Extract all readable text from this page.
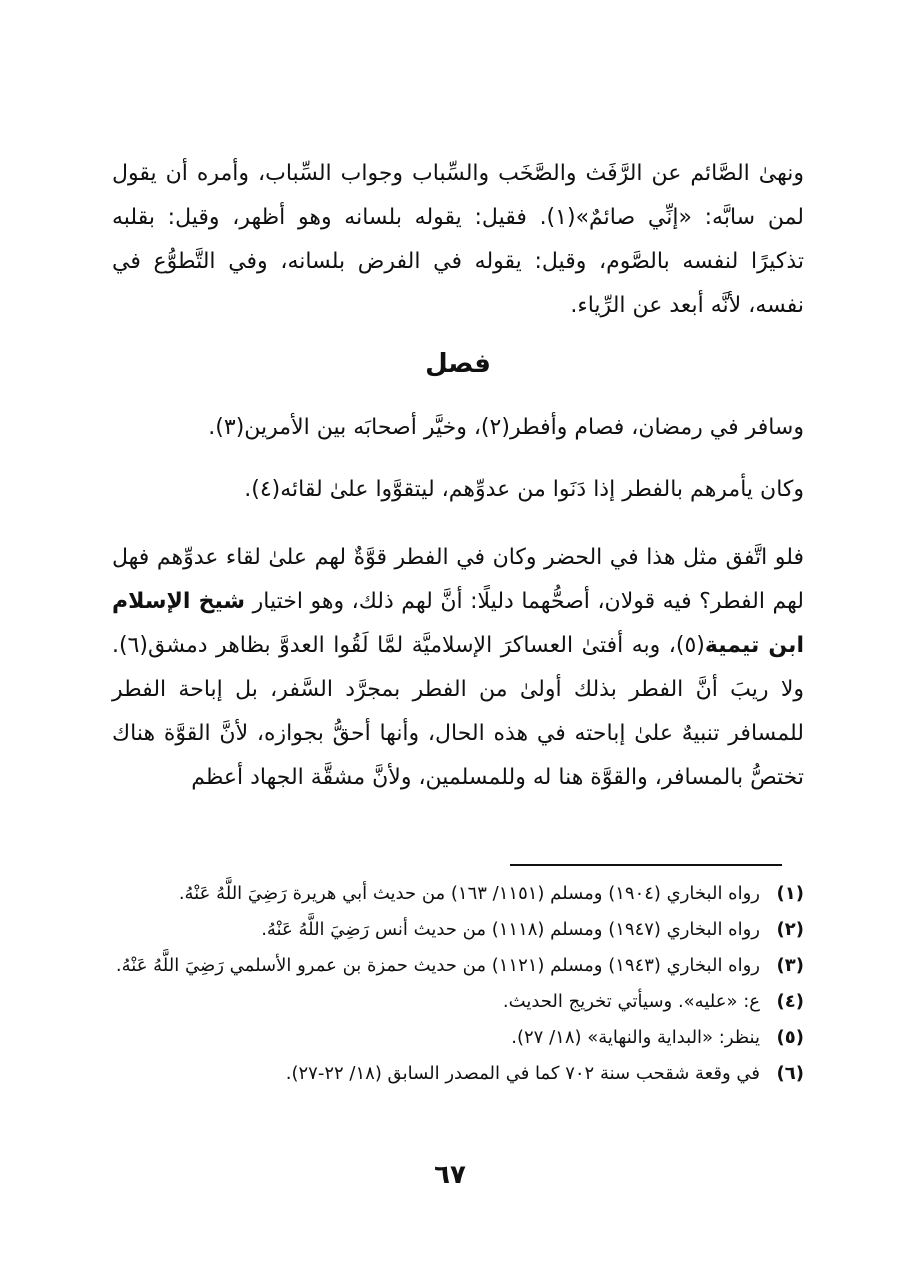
ونهىٰ الصَّائم عن الرَّفَث والصَّخَب والسِّباب وجواب السِّباب، وأمره أن يقول لمن سابَّه: «إنِّي صائمٌ»(١). فقيل: يقوله بلسانه وهو أظهر، وقيل: بقلبه تذكيرًا لنفسه بالصَّوم، وقيل: يقوله في الفرض بلسانه، وفي التَّطوُّع في نفسه، لأنَّه أبعد عن الرِّياء.

فصل

وسافر في رمضان، فصام وأفطر(٢)، وخيَّر أصحابَه بين الأمرين(٣).

وكان يأمرهم بالفطر إذا دَنَوا من عدوِّهم، ليتقوَّوا علىٰ لقائه(٤).

فلو اتَّفق مثل هذا في الحضر وكان في الفطر قوَّةٌ لهم علىٰ لقاء عدوِّهم فهل لهم الفطر؟ فيه قولان، أصحُّهما دليلًا: أنَّ لهم ذلك، وهو اختيار شيخ الإسلام ابن تيمية(٥)، وبه أفتىٰ العساكرَ الإسلاميَّة لمَّا لَقُوا العدوَّ بظاهر دمشق(٦). ولا ريبَ أنَّ الفطر بذلك أولىٰ من الفطر بمجرَّد السَّفر، بل إباحة الفطر للمسافر تنبيهٌ علىٰ إباحته في هذه الحال، وأنها أحقُّ بجوازه، لأنَّ القوَّة هناك تختصُّ بالمسافر، والقوَّة هنا له وللمسلمين، ولأنَّ مشقَّة الجهاد أعظم

(١)
رواه البخاري (١٩٠٤) ومسلم (١١٥١/ ١٦٣) من حديث أبي هريرة رَضِيَ اللَّهُ عَنْهُ.
(٢)
رواه البخاري (١٩٤٧) ومسلم (١١١٨) من حديث أنس رَضِيَ اللَّهُ عَنْهُ.
(٣)
رواه البخاري (١٩٤٣) ومسلم (١١٢١) من حديث حمزة بن عمرو الأسلمي رَضِيَ اللَّهُ عَنْهُ.
(٤)
ع: «عليه». وسيأتي تخريج الحديث.
(٥)
ينظر: «البداية والنهاية» (١٨/ ٢٧).
(٦)
في وقعة شقحب سنة ٧٠٢ كما في المصدر السابق (١٨/ ٢٢-٢٧).
٦٧
